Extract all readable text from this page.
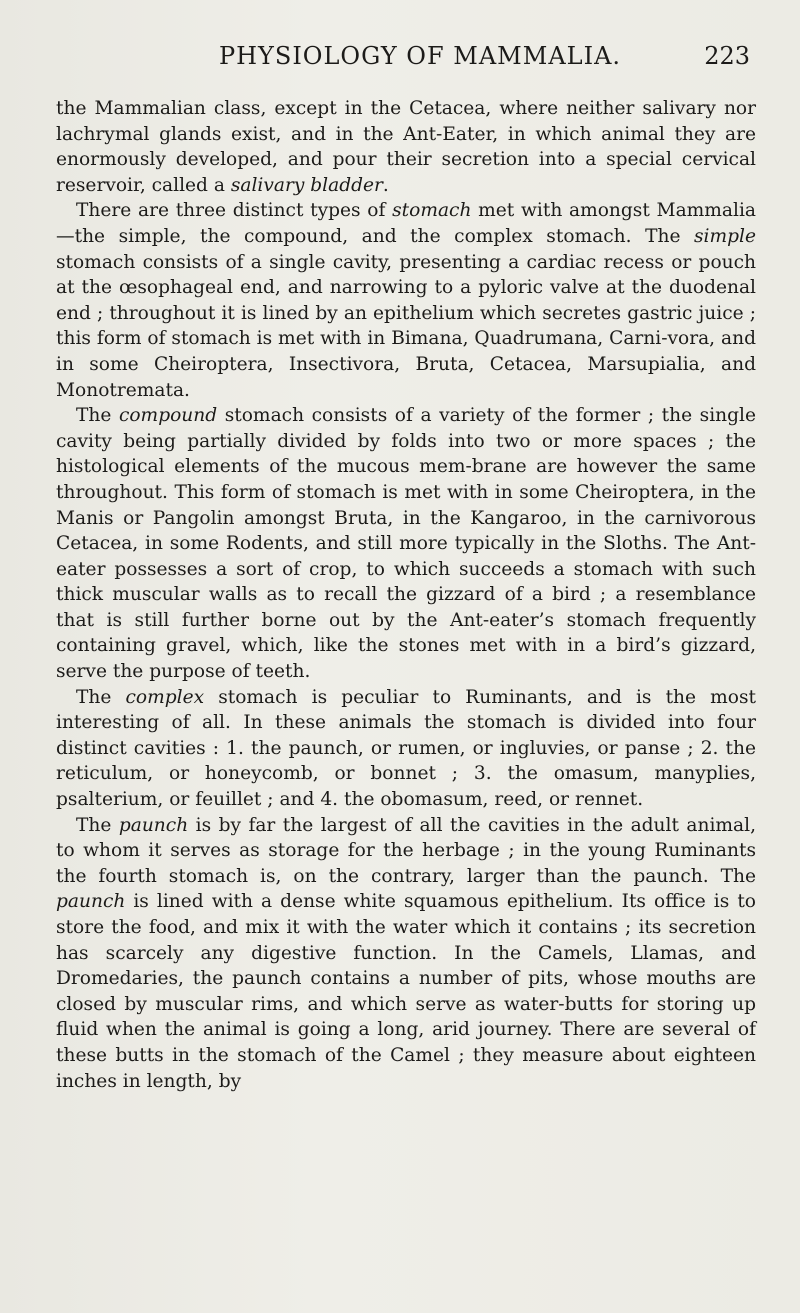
PHYSIOLOGY OF MAMMALIA.	223

the Mammalian class, except in the Cetacea, where neither salivary nor lachrymal glands exist, and in the Ant-Eater, in which animal they are enormously developed, and pour their secretion into a special cervical reservoir, called a salivary bladder.

There are three distinct types of stomach met with amongst Mammalia—the simple, the compound, and the complex stomach. The simple stomach consists of a single cavity, presenting a cardiac recess or pouch at the œsophageal end, and narrowing to a pyloric valve at the duodenal end ; throughout it is lined by an epithelium which secretes gastric juice ; this form of stomach is met with in Bimana, Quadrumana, Carni-vora, and in some Cheiroptera, Insectivora, Bruta, Cetacea, Marsupialia, and Monotremata.

The compound stomach consists of a variety of the former ; the single cavity being partially divided by folds into two or more spaces ; the histological elements of the mucous mem-brane are however the same throughout. This form of stomach is met with in some Cheiroptera, in the Manis or Pangolin amongst Bruta, in the Kangaroo, in the carnivorous Cetacea, in some Rodents, and still more typically in the Sloths. The Ant-eater possesses a sort of crop, to which succeeds a stomach with such thick muscular walls as to recall the gizzard of a bird ; a resemblance that is still further borne out by the Ant-eater’s stomach frequently containing gravel, which, like the stones met with in a bird’s gizzard, serve the purpose of teeth.

The complex stomach is peculiar to Ruminants, and is the most interesting of all. In these animals the stomach is divided into four distinct cavities : 1. the paunch, or rumen, or ingluvies, or panse ; 2. the reticulum, or honeycomb, or bonnet ; 3. the omasum, manyplies, psalterium, or feuillet ; and 4. the obomasum, reed, or rennet.

The paunch is by far the largest of all the cavities in the adult animal, to whom it serves as storage for the herbage ; in the young Ruminants the fourth stomach is, on the contrary, larger than the paunch. The paunch is lined with a dense white squamous epithelium. Its office is to store the food, and mix it with the water which it contains ; its secretion has scarcely any digestive function. In the Camels, Llamas, and Dromedaries, the paunch contains a number of pits, whose mouths are closed by muscular rims, and which serve as water-butts for storing up fluid when the animal is going a long, arid journey. There are several of these butts in the stomach of the Camel ; they measure about eighteen inches in length, by
